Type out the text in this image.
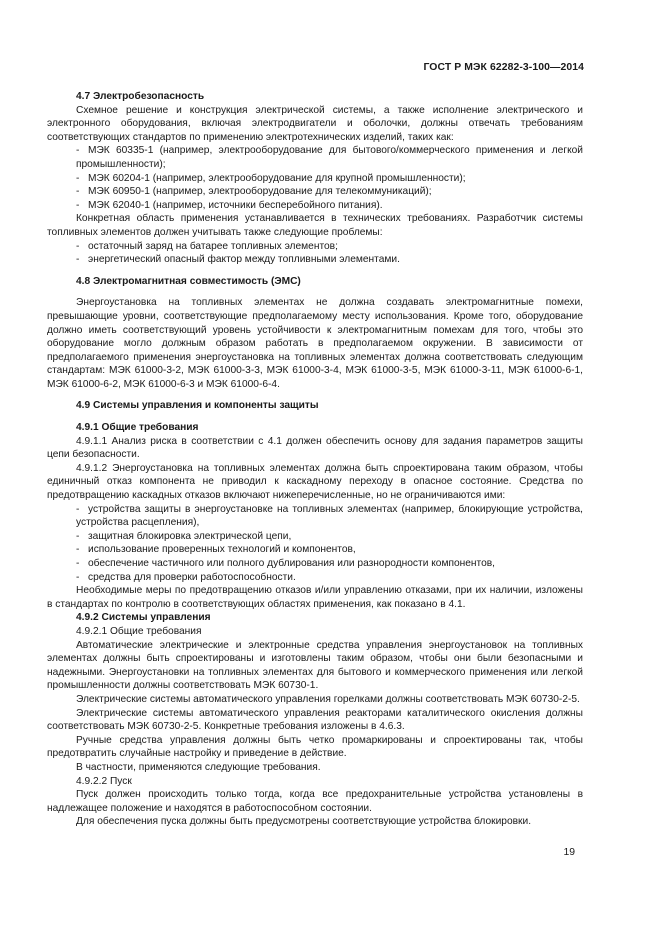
ГОСТ Р МЭК 62282-3-100—2014
4.7 Электробезопасность
Схемное решение и конструкция электрической системы, а также исполнение электрического и электронного оборудования, включая электродвигатели и оболочки, должны отвечать требованиям соответствующих стандартов по применению электротехнических изделий, таких как:
- МЭК 60335-1 (например, электрооборудование для бытового/коммерческого применения и легкой промышленности);
- МЭК 60204-1 (например, электрооборудование для крупной промышленности);
- МЭК 60950-1 (например, электрооборудование для телекоммуникаций);
- МЭК 62040-1 (например, источники бесперебойного питания).
Конкретная область применения устанавливается в технических требованиях. Разработчик системы топливных элементов должен учитывать также следующие проблемы:
- остаточный заряд на батарее топливных элементов;
- энергетический опасный фактор между топливными элементами.
4.8 Электромагнитная совместимость (ЭМС)
Энергоустановка на топливных элементах не должна создавать электромагнитные помехи, превышающие уровни, соответствующие предполагаемому месту использования. Кроме того, оборудование должно иметь соответствующий уровень устойчивости к электромагнитным помехам для того, чтобы это оборудование могло должным образом работать в предполагаемом окружении. В зависимости от предполагаемого применения энергоустановка на топливных элементах должна соответствовать следующим стандартам: МЭК 61000-3-2, МЭК 61000-3-3, МЭК 61000-3-4, МЭК 61000-3-5, МЭК 61000-3-11, МЭК 61000-6-1, МЭК 61000-6-2, МЭК 61000-6-3 и МЭК 61000-6-4.
4.9 Системы управления и компоненты защиты
4.9.1 Общие требования
4.9.1.1 Анализ риска в соответствии с 4.1 должен обеспечить основу для задания параметров защиты цепи безопасности.
4.9.1.2 Энергоустановка на топливных элементах должна быть спроектирована таким образом, чтобы единичный отказ компонента не приводил к каскадному переходу в опасное состояние. Средства по предотвращению каскадных отказов включают нижеперечисленные, но не ограничиваются ими:
- устройства защиты в энергоустановке на топливных элементах (например, блокирующие устройства, устройства расцепления),
- защитная блокировка электрической цепи,
- использование проверенных технологий и компонентов,
- обеспечение частичного или полного дублирования или разнородности компонентов,
- средства для проверки работоспособности.
Необходимые меры по предотвращению отказов и/или управлению отказами, при их наличии, изложены в стандартах по контролю в соответствующих областях применения, как показано в 4.1.
4.9.2 Системы управления
4.9.2.1 Общие требования
Автоматические электрические и электронные средства управления энергоустановок на топливных элементах должны быть спроектированы и изготовлены таким образом, чтобы они были безопасными и надежными. Энергоустановки на топливных элементах для бытового и коммерческого применения или легкой промышленности должны соответствовать МЭК 60730-1.
Электрические системы автоматического управления горелками должны соответствовать МЭК 60730-2-5.
Электрические системы автоматического управления реакторами каталитического окисления должны соответствовать МЭК 60730-2-5. Конкретные требования изложены в 4.6.3.
Ручные средства управления должны быть четко промаркированы и спроектированы так, чтобы предотвратить случайные настройку и приведение в действие.
В частности, применяются следующие требования.
4.9.2.2 Пуск
Пуск должен происходить только тогда, когда все предохранительные устройства установлены в надлежащее положение и находятся в работоспособном состоянии.
Для обеспечения пуска должны быть предусмотрены соответствующие устройства блокировки.
19
